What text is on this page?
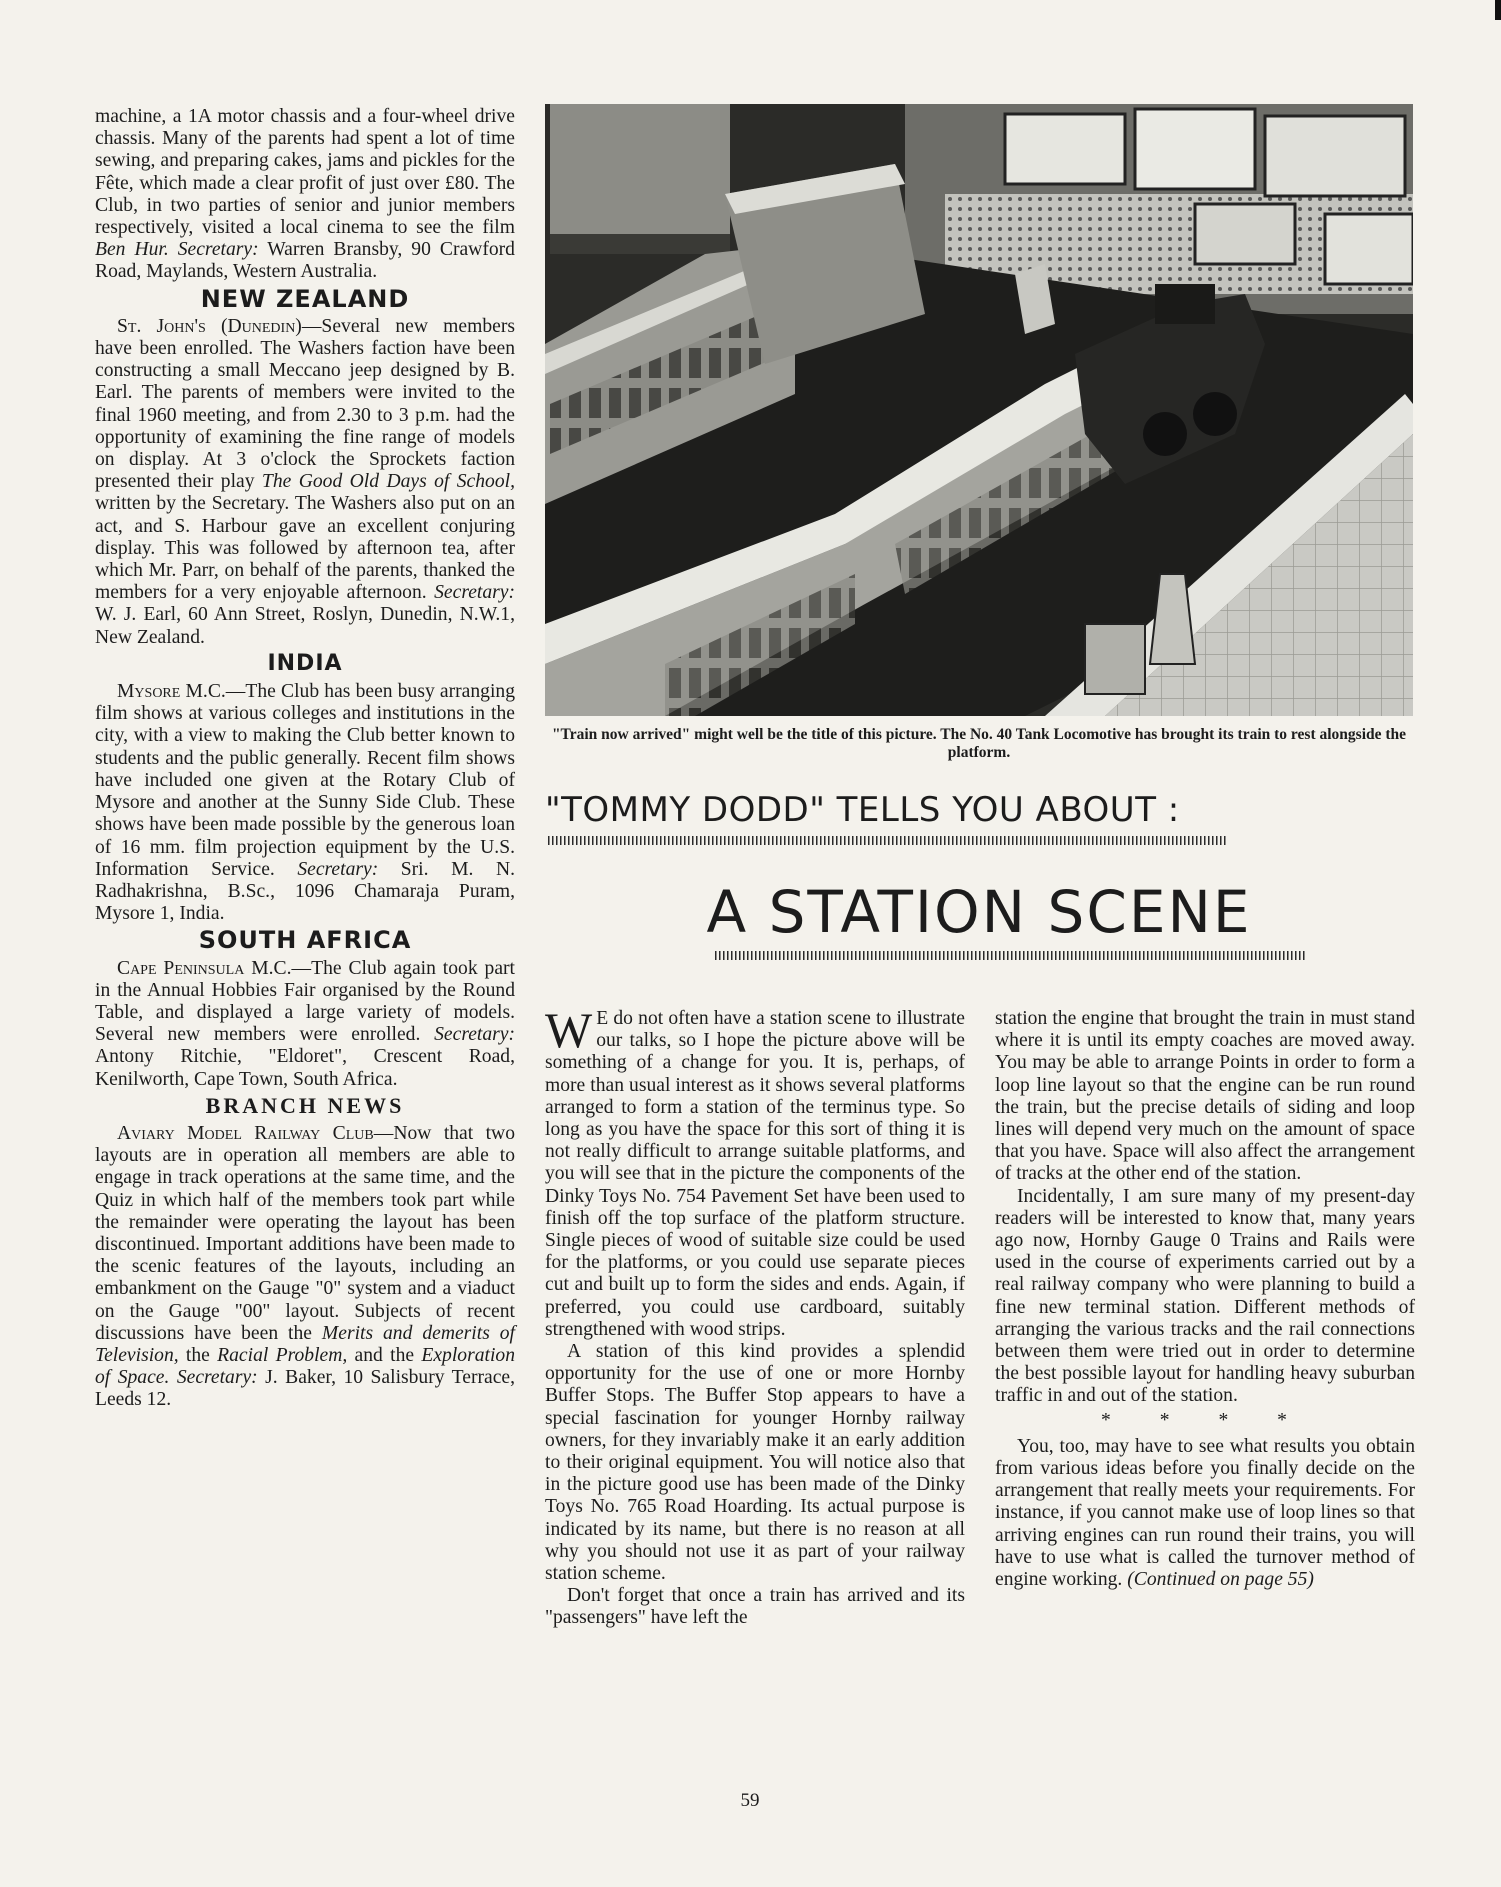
machine, a 1A motor chassis and a four-wheel drive chassis. Many of the parents had spent a lot of time sewing, and preparing cakes, jams and pickles for the Fête, which made a clear profit of just over £80. The Club, in two parties of senior and junior members respectively, visited a local cinema to see the film Ben Hur. Secretary: Warren Bransby, 90 Crawford Road, Maylands, Western Australia.

NEW ZEALAND

St. John's (Dunedin)—Several new members have been enrolled. The Washers faction have been constructing a small Meccano jeep designed by B. Earl. The parents of members were invited to the final 1960 meeting, and from 2.30 to 3 p.m. had the opportunity of examining the fine range of models on display. At 3 o'clock the Sprockets faction presented their play The Good Old Days of School, written by the Secretary. The Washers also put on an act, and S. Harbour gave an excellent conjuring display. This was followed by afternoon tea, after which Mr. Parr, on behalf of the parents, thanked the members for a very enjoyable afternoon. Secretary: W. J. Earl, 60 Ann Street, Roslyn, Dunedin, N.W.1, New Zealand.

INDIA

Mysore M.C.—The Club has been busy arranging film shows at various colleges and institutions in the city, with a view to making the Club better known to students and the public generally. Recent film shows have included one given at the Rotary Club of Mysore and another at the Sunny Side Club. These shows have been made possible by the generous loan of 16 mm. film projection equipment by the U.S. Information Service. Secretary: Sri. M. N. Radhakrishna, B.Sc., 1096 Chamaraja Puram, Mysore 1, India.

SOUTH AFRICA

Cape Peninsula M.C.—The Club again took part in the Annual Hobbies Fair organised by the Round Table, and displayed a large variety of models. Several new members were enrolled. Secretary: Antony Ritchie, "Eldoret", Crescent Road, Kenilworth, Cape Town, South Africa.

BRANCH NEWS

Aviary Model Railway Club—Now that two layouts are in operation all members are able to engage in track operations at the same time, and the Quiz in which half of the members took part while the remainder were operating the layout has been discontinued. Important additions have been made to the scenic features of the layouts, including an embankment on the Gauge "0" system and a viaduct on the Gauge "00" layout. Subjects of recent discussions have been the Merits and demerits of Television, the Racial Problem, and the Exploration of Space. Secretary: J. Baker, 10 Salisbury Terrace, Leeds 12.

"Train now arrived" might well be the title of this picture. The No. 40 Tank Locomotive has brought its train to rest alongside the platform.
"TOMMY DODD" TELLS YOU ABOUT :
A STATION SCENE

W E do not often have a station scene to illustrate our talks, so I hope the picture above will be something of a change for you. It is, perhaps, of more than usual interest as it shows several platforms arranged to form a station of the terminus type. So long as you have the space for this sort of thing it is not really difficult to arrange suitable platforms, and you will see that in the picture the components of the Dinky Toys No. 754 Pavement Set have been used to finish off the top surface of the platform structure. Single pieces of wood of suitable size could be used for the platforms, or you could use separate pieces cut and built up to form the sides and ends. Again, if preferred, you could use cardboard, suitably strengthened with wood strips.

A station of this kind provides a splendid opportunity for the use of one or more Hornby Buffer Stops. The Buffer Stop appears to have a special fascination for younger Hornby railway owners, for they invariably make it an early addition to their original equipment. You will notice also that in the picture good use has been made of the Dinky Toys No. 765 Road Hoarding. Its actual purpose is indicated by its name, but there is no reason at all why you should not use it as part of your railway station scheme.

Don't forget that once a train has arrived and its "passengers" have left the

station the engine that brought the train in must stand where it is until its empty coaches are moved away. You may be able to arrange Points in order to form a loop line layout so that the engine can be run round the train, but the precise details of siding and loop lines will depend very much on the amount of space that you have. Space will also affect the arrangement of tracks at the other end of the station.

Incidentally, I am sure many of my present-day readers will be interested to know that, many years ago now, Hornby Gauge 0 Trains and Rails were used in the course of experiments carried out by a real railway company who were planning to build a fine new terminal station. Different methods of arranging the various tracks and the rail connections between them were tried out in order to determine the best possible layout for handling heavy suburban traffic in and out of the station.

* * * *

You, too, may have to see what results you obtain from various ideas before you finally decide on the arrangement that really meets your requirements. For instance, if you cannot make use of loop lines so that arriving engines can run round their trains, you will have to use what is called the turnover method of engine working. (Continued on page 55)

59
